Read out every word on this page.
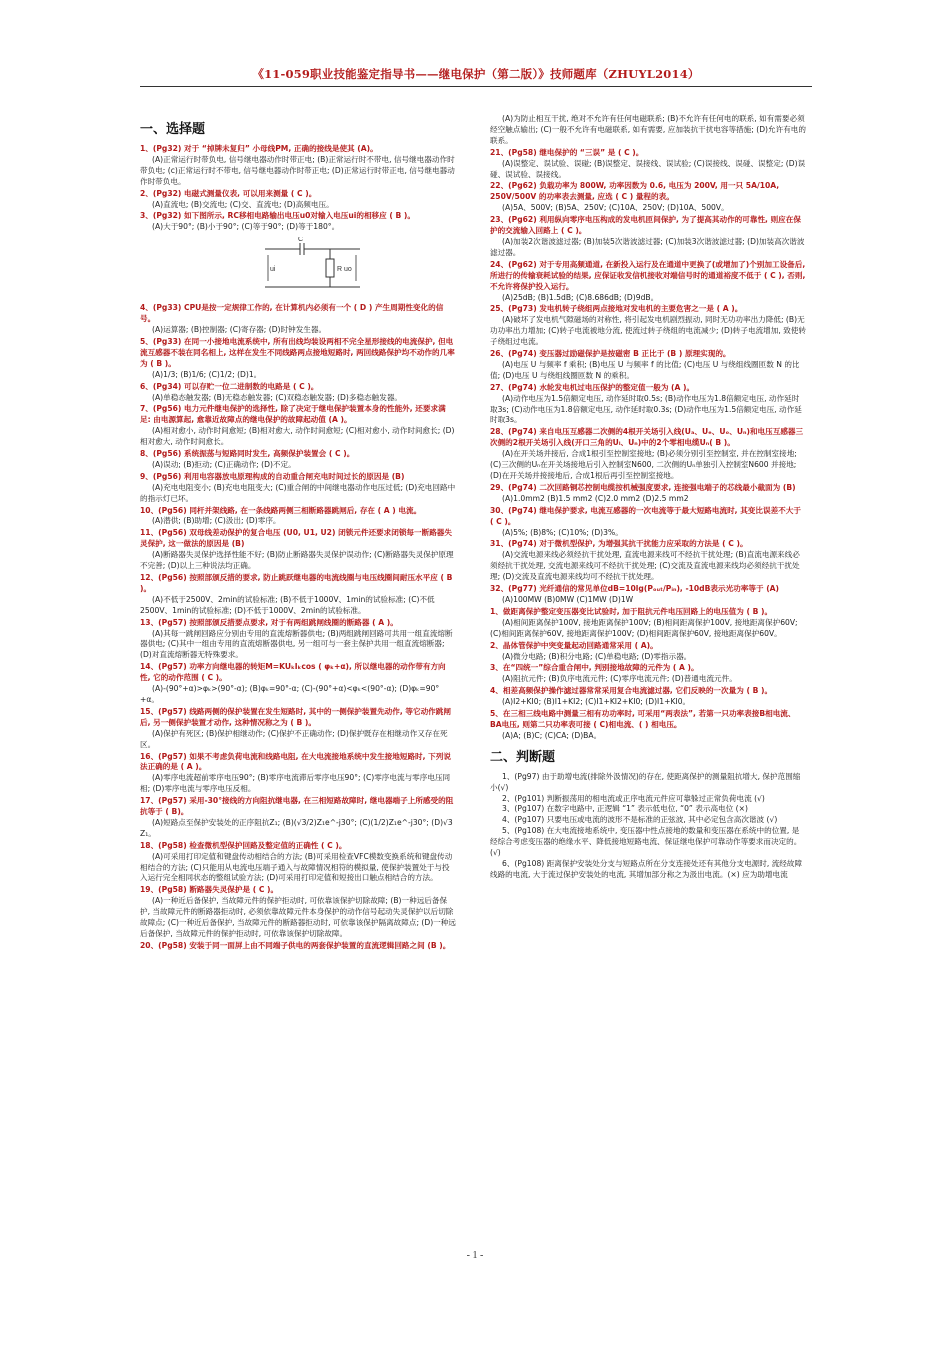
《11-059职业技能鉴定指导书——继电保护（第二版）》技师题库（ZHUYL2014）
一、选择题

1、(Pg32) 对于 “掉牌未复归” 小母线PM, 正确的接线是使其 (A)。

(A)正常运行时带负电, 信号继电器动作时带正电; (B)正常运行时不带电, 信号继电器动作时带负电; (c)正常运行时不带电, 信号继电器动作时带正电; (D)正常运行时带正电, 信号继电器动作时带负电。

2、(Pg32) 电磁式测量仪表, 可以用来测量 ( C )。

(A)直流电; (B)交流电; (C)交、直流电; (D)高频电压。

3、(Pg32) 如下图所示, RC移相电路输出电压u0对输入电压ui的相移应 ( B )。

(A)大于90°; (B)小于90°; (C)等于90°; (D)等于180°。

C
R
ui	uo

4、(Pg33) CPU是按一定规律工作的, 在计算机内必须有一个 ( D ) 产生周期性变化的信号。

(A)运算器; (B)控制器; (C)寄存器; (D)时钟发生器。

5、(Pg33) 在同一小接地电流系统中, 所有出线均装设两相不完全星形接线的电流保护, 但电流互感器不装在同名相上, 这样在发生不同线路两点接地短路时, 两回线路保护均不动作的几率为 ( B )。

(A)1/3; (B)1/6; (C)1/2; (D)1。

6、(Pg34) 可以存贮一位二进制数的电路是 ( C )。

(A)单稳态触发器; (B)无稳态触发器; (C)双稳态触发器; (D)多稳态触发器。

7、(Pg56) 电力元件继电保护的选择性, 除了决定于继电保护装置本身的性能外, 还要求满足: 由电源算起, 愈靠近故障点的继电保护的故障起动值 (A )。

(A)相对愈小, 动作时间愈短; (B)相对愈大, 动作时间愈短; (C)相对愈小, 动作时间愈长; (D)相对愈大, 动作时间愈长。

8、(Pg56) 系统振荡与短路同时发生, 高频保护装置会 ( C )。

(A)误动; (B)拒动; (C)正确动作; (D)不定。

9、(Pg56) 利用电容器放电原理构成的自动重合闸充电时间过长的原因是 (B)

(A)充电电阻变小; (B)充电电阻变大; (C)重合闸的中间继电器动作电压过低; (D)充电回路中的指示灯已坏。

10、(Pg56) 同杆并架线路, 在一条线路两侧三相断路器跳闸后, 存在 ( A ) 电流。

(A)潜供; (B)助增; (C)汲出; (D)零序。

11、(Pg56) 双母线差动保护的复合电压 (U0, U1, U2) 闭锁元件还要求闭锁每一断路器失灵保护, 这一做法的原因是 (B)

(A)断路器失灵保护选择性能不好; (B)防止断路器失灵保护误动作; (C)断路器失灵保护原理不完善; (D)以上三种说法均正确。

12、(Pg56) 按照部颁反措的要求, 防止跳跃继电器的电流线圈与电压线圈间耐压水平应 ( B )。

(A)不低于2500V、2min的试验标准; (B)不低于1000V、1min的试验标准; (C)不低2500V、1min的试验标准; (D)不低于1000V、2min的试验标准。

13、(Pg57) 按照部颁反措要点要求, 对于有两组跳闸线圈的断路器 ( A )。

(A)其每一跳闸回路应分别由专用的直流熔断器供电; (B)两组跳闸回路可共用一组直流熔断器供电; (C)其中一组由专用的直流熔断器供电, 另一组可与一套主保护共用一组直流熔断器; (D)对直流熔断器无特殊要求。

14、(Pg57) 功率方向继电器的转矩M=KUₖIₖcos ( φₖ+α), 所以继电器的动作带有方向性, 它的动作范围 ( C )。

(A)-(90°+α)>φₖ>(90°-α); (B)φₖ=90°-α; (C)-(90°+α)<φₖ<(90°-α); (D)φₖ=90°+α。

15、(Pg57) 线路两侧的保护装置在发生短路时, 其中的一侧保护装置先动作, 等它动作跳闸后, 另一侧保护装置才动作, 这种情况称之为 ( B )。

(A)保护有死区; (B)保护相继动作; (C)保护不正确动作; (D)保护既存在相继动作又存在死区。

16、(Pg57) 如果不考虑负荷电流和线路电阻, 在大电流接地系统中发生接地短路时, 下列说法正确的是 ( A )。

(A)零序电流超前零序电压90°; (B)零序电流滞后零序电压90°; (C)零序电流与零序电压同相; (D)零序电流与零序电压反相。

17、(Pg57) 采用-30°接线的方向阻抗继电器, 在三相短路故障时, 继电器端子上所感受的阻抗等于 ( B)。

(A)短路点至保护安装处的正序阻抗Z₁; (B)(√3/2)Z₁e^-j30°; (C)(1/2)Z₁e^-j30°; (D)√3 Z₁。

18、(Pg58) 检查微机型保护回路及整定值的正确性 ( C )。

(A)可采用打印定值和键盘传动相结合的方法; (B)可采用检查VFC模数变换系统和键盘传动相结合的方法; (C)只能用从电流电压端子通入与故障情况相符的模拟量, 使保护装置处于与投入运行完全相同状态的整组试验方法; (D)可采用打印定值和短接出口触点相结合的方法。

19、(Pg58) 断路器失灵保护是 ( C )。

(A)一种近后备保护, 当故障元件的保护拒动时, 可依靠该保护切除故障; (B)一种远后备保护, 当故障元件的断路器拒动时, 必须依靠故障元件本身保护的动作信号起动失灵保护以后切除故障点; (C)一种近后备保护, 当故障元件的断路器拒动时, 可依靠该保护隔离故障点; (D)一种远后备保护, 当故障元件的保护拒动时, 可依靠该保护切除故障。

20、(Pg58) 安装于同一面屏上由不同端子供电的两套保护装置的直流逻辑回路之间 (B )。

(A)为防止相互干扰, 绝对不允许有任何电磁联系; (B)不允许有任何电的联系, 如有需要必须经空触点输出; (C)一般不允许有电磁联系, 如有需要, 应加装抗干扰电容等措施; (D)允许有电的联系。

21、(Pg58) 继电保护的 “三误” 是 ( C )。

(A)误整定、误试验、误碰; (B)误整定、误接线、误试验; (C)误接线、误碰、误整定; (D)误碰、误试验、误接线。

22、(Pg62) 负载功率为 800W, 功率因数为 0.6, 电压为 200V, 用一只 5A/10A, 250V/500V 的功率表去测量, 应选 ( C ) 量程的表。

(A)5A、500V; (B)5A、250V; (C)10A、250V; (D)10A、500V。

23、(Pg62) 利用纵向零序电压构成的发电机匝间保护, 为了提高其动作的可靠性, 则应在保护的交流输入回路上 ( C )。

(A)加装2次谐波滤过器; (B)加装5次谐波滤过器; (C)加装3次谐波滤过器; (D)加装高次谐波滤过器。

24、(Pg62) 对于专用高频通道, 在新投入运行及在通道中更换了(或增加了)个别加工设备后, 所进行的传输衰耗试验的结果, 应保证收发信机接收对端信号时的通道裕度不低于 ( C ), 否则, 不允许将保护投入运行。

(A)25dB; (B)1.5dB; (C)8.686dB; (D)9dB。

25、(Pg73) 发电机转子绕组两点接地对发电机的主要危害之一是 ( A )。

(A)破坏了发电机气隙磁场的对称性, 将引起发电机剧烈振动, 同时无功功率出力降低; (B)无功功率出力增加; (C)转子电流被地分流, 使流过转子绕组的电流减少; (D)转子电流增加, 致使转子绕组过电流。

26、(Pg74) 变压器过励磁保护是按磁密 B 正比于 (B ) 原理实现的。

(A)电压 U 与频率 f 乘积; (B)电压 U 与频率 f 的比值; (C)电压 U 与绕组线圈匝数 N 的比值; (D)电压 U 与绕组线圈匝数 N 的乘积。

27、(Pg74) 水轮发电机过电压保护的整定值一般为 (A )。

(A)动作电压为1.5倍额定电压, 动作延时取0.5s; (B)动作电压为1.8倍额定电压, 动作延时取3s; (C)动作电压为1.8倍额定电压, 动作延时取0.3s; (D)动作电压为1.5倍额定电压, 动作延时取3s。

28、(Pg74) 来自电压互感器二次侧的4根开关场引入线(Uₐ、Uₑ、Uₒ、Uₙ)和电压互感器三次侧的2根开关场引入线(开口三角的Uₗ、Uₙ)中的2个零相电缆Uₙ( B )。

(A)在开关场并接后, 合成1根引至控制室接地; (B)必须分别引至控制室, 并在控制室接地; (C)三次侧的Uₙ在开关场接地后引入控制室N600, 二次侧的Uₙ单独引入控制室N600 并接地; (D)在开关场并接接地后, 合成1根后再引至控制室接地。

29、(Pg74) 二次回路铜芯控制电缆按机械强度要求, 连接强电端子的芯线最小截面为 (B)

(A)1.0mm2 (B)1.5 mm2 (C)2.0 mm2 (D)2.5 mm2

30、(Pg74) 继电保护要求, 电流互感器的一次电流等于最大短路电流时, 其变比误差不大于 ( C )。

(A)5%; (B)8%; (C)10%; (D)3%。

31、(Pg74) 对于微机型保护, 为增强其抗干扰能力应采取的方法是 ( C )。

(A)交流电源来线必须经抗干扰处理, 直流电源来线可不经抗干扰处理; (B)直流电源来线必须经抗干扰处理, 交流电源来线可不经抗干扰处理; (C)交流及直流电源来线均必须经抗干扰处理; (D)交流及直流电源来线均可不经抗干扰处理。

32、(Pg77) 光纤通信的常见单位dB=10lg(Pₒᵤₜ/Pᵢₙ), -10dB表示光功率等于 (A)

(A)100MW (B)0MW (C)1MW (D)1W

1、做距离保护整定变压器变比试验时, 加于阻抗元件电压回路上的电压值为 ( B )。

(A)相间距离保护100V, 接地距离保护100V; (B)相间距离保护100V, 接地距离保护60V; (C)相间距离保护60V, 接地距离保护100V; (D)相间距离保护60V, 接地距离保护60V。

2、晶体管保护中突变量起动回路通常采用 ( A)。

(A)微分电路; (B)积分电路; (C)单稳电路; (D)零指示器。

3、在“四统一”综合重合闸中, 判别接地故障的元件为 ( A )。

(A)阻抗元件; (B)负序电流元件; (C)零序电流元件; (D)普通电流元件。

4、相差高频保护操作滤过器常常采用复合电流滤过器, 它们反映的一次量为 ( B )。

(A)I2+KI0; (B)I1+KI2; (C)I1+KI2+KI0; (D)I1+KI0。

5、在三相三线电路中测量三相有功功率时, 可采用“两表法”, 若第一只功率表接B相电流、BA电压, 则第二只功率表可接 ( C)相电流、( ) 相电压。

(A)A; (B)C; (C)CA; (D)BA。

二、判断题

1、(Pg97) 由于助增电流(排除外汲情况)的存在, 使距离保护的测量阻抗增大, 保护范围缩小(√)

2、(Pg101) 判断振荡用的相电流或正序电流元件应可靠躲过正常负荷电流 (√)

3、(Pg107) 在数字电路中, 正逻辑 “1” 表示低电位, “0” 表示高电位 (×)

4、(Pg107) 只要电压或电流的波形不是标准的正弦波, 其中必定包含高次谐波 (√)

5、(Pg108) 在大电流接地系统中, 变压器中性点接地的数量和变压器在系统中的位置, 是经综合考虑变压器的绝缘水平、降低接地短路电流、保证继电保护可靠动作等要求而决定的。(√)

6、(Pg108) 距离保护安装处分支与短路点所在分支连接处还有其他分支电源时, 流经故障线路的电流, 大于流过保护安装处的电流, 其增加部分称之为汲出电流。(×) 应为助增电流

- 1 -
